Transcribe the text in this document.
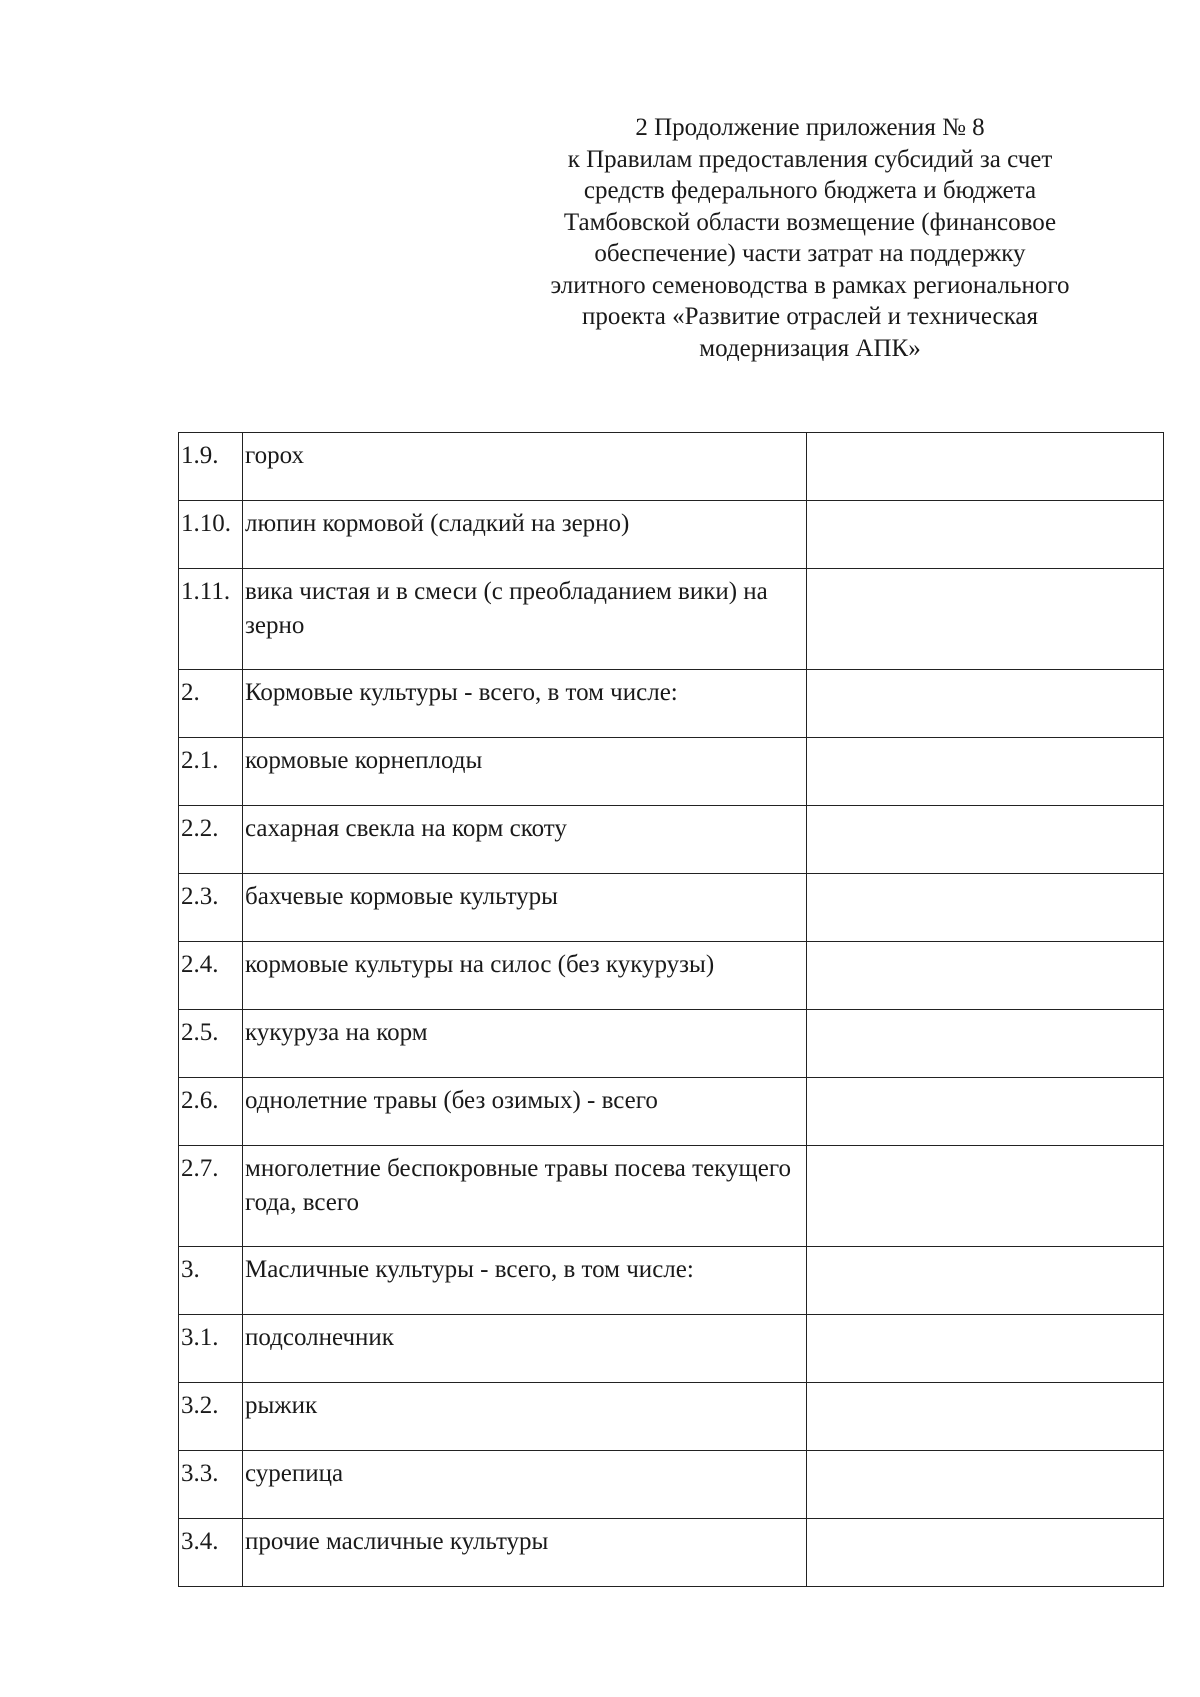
2 Продолжение приложения № 8
к Правилам предоставления субсидий за счет
средств федерального бюджета и бюджета
Тамбовской области возмещение (финансовое
обеспечение) части затрат на поддержку
элитного семеноводства в рамках регионального
проекта «Развитие отраслей и техническая
модернизация АПК»
1.9.	горох	
1.10.	люпин кормовой (сладкий на зерно)	
1.11.	вика чистая и в смеси (с преобладанием вики) на зерно	
2.	Кормовые культуры - всего, в том числе:	
2.1.	кормовые корнеплоды	
2.2.	сахарная свекла на корм скоту	
2.3.	бахчевые кормовые культуры	
2.4.	кормовые культуры на силос (без кукурузы)	
2.5.	кукуруза на корм	
2.6.	однолетние травы (без озимых) - всего	
2.7.	многолетние беспокровные травы посева текущего года, всего	
3.	Масличные культуры - всего, в том числе:	
3.1.	подсолнечник	
3.2.	рыжик	
3.3.	сурепица	
3.4.	прочие масличные культуры	
